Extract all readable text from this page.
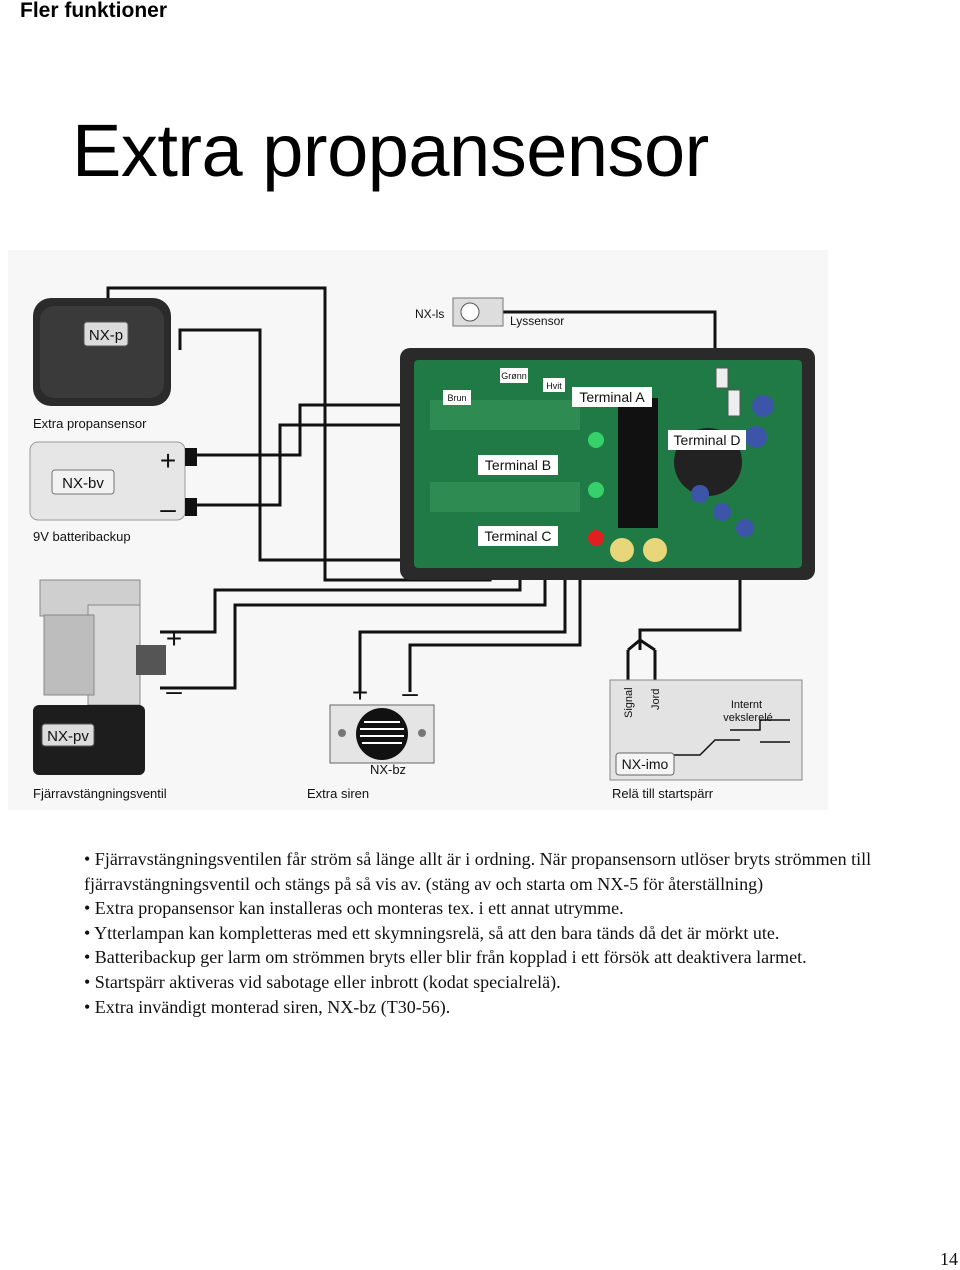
Fler funktioner
Extra propansensor
NX-p
NX-bv
+
–
NX-pv
+
–
NX-ls	Lyssensor
Grønn
Hvit
Brun	Terminal A
Terminal B
Terminal C
Terminal D
NX-bz
+ –	Signal Jord	Internt vekslerelé
NX-imo
Extra propansensor
9V batteribackup
Fjärravstängningsventil	Extra siren	Relä till startspärr

• Fjärravstängningsventilen får ström så länge allt är i ordning. När propansensorn utlöser bryts strömmen till fjärravstängningsventil och stängs på så vis av. (stäng av och starta om NX-5 för återställning)

• Extra propansensor kan installeras och monteras tex. i ett annat utrymme.

• Ytterlampan kan kompletteras med ett skymningsrelä, så att den bara tänds då det är mörkt ute.

• Batteribackup ger larm om strömmen bryts eller blir från kopplad i ett försök att deaktivera larmet.

• Startspärr aktiveras vid sabotage eller inbrott (kodat specialrelä).

• Extra invändigt monterad siren, NX-bz (T30-56).

14
